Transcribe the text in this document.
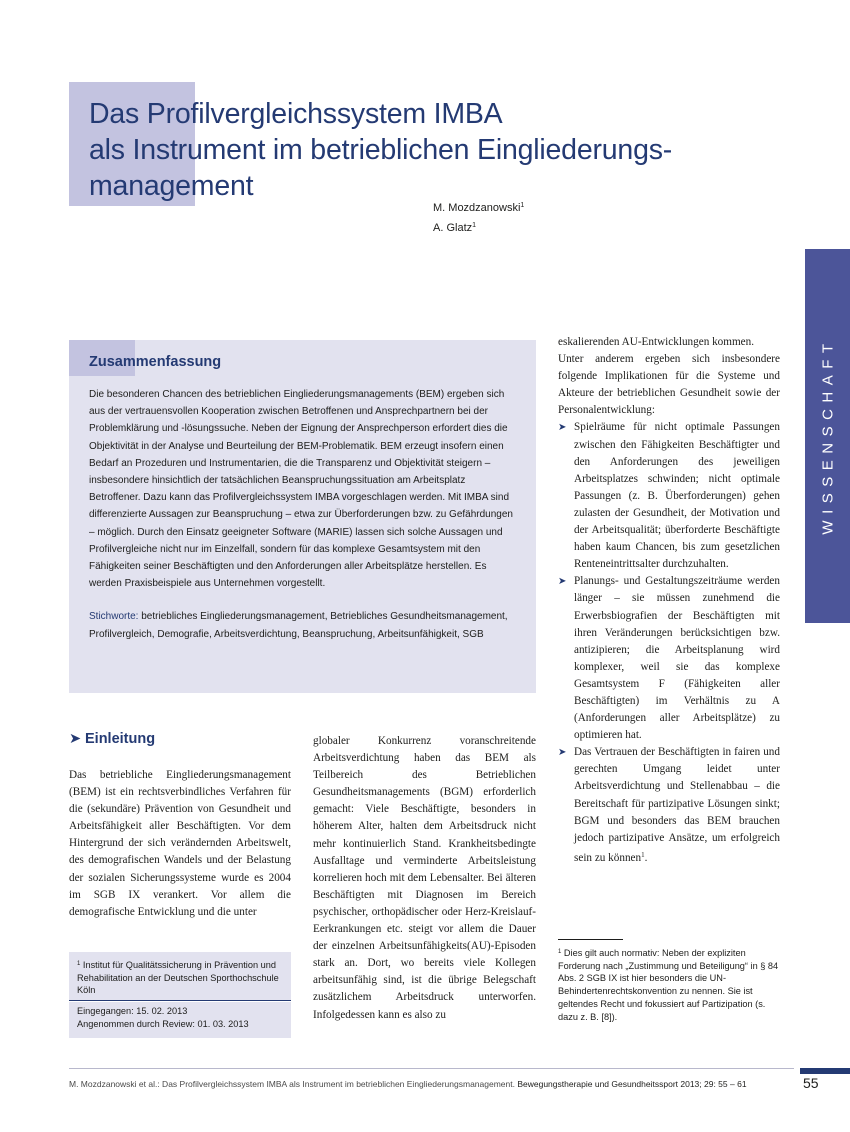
Das Profilvergleichssystem IMBA
als Instrument im betrieblichen Eingliederungs-
management
M. Mozdzanowski$^1$
A. Glatz$^1$
WISSENSCHAFT
Zusammenfassung

Die besonderen Chancen des betrieblichen Eingliederungsmanagements (BEM) ergeben sich aus der vertrauensvollen Kooperation zwischen Betroffenen und Ansprechpartnern bei der Problemklärung und -lösungssuche. Neben der Eignung der Ansprechperson erfordert dies die Objektivität in der Analyse und Beurteilung der BEM-Problematik. BEM erzeugt insofern einen Bedarf an Prozeduren und Instrumentarien, die die Transparenz und Objektivität steigern – insbesondere hinsichtlich der tatsächlichen Beanspruchungssituation am Arbeitsplatz Betroffener. Dazu kann das Profilvergleichssystem IMBA vorgeschlagen werden. Mit IMBA sind differenzierte Aussagen zur Beanspruchung – etwa zur Überforderungen bzw. zu Gefährdungen – möglich. Durch den Einsatz geeigneter Software (MARIE) lassen sich solche Aussagen und Profilvergleiche nicht nur im Einzelfall, sondern für das komplexe Gesamtsystem mit den Fähigkeiten seiner Beschäftigten und den Anforderungen aller Arbeitsplätze herstellen. Es werden Praxisbeispiele aus Unternehmen vorgestellt.

Stichworte: betriebliches Eingliederungsmanagement, Betriebliches Gesundheitsmanagement, Profilvergleich, Demografie, Arbeitsverdichtung, Beanspruchung, Arbeitsunfähigkeit, SGB

➤ Einleitung

Das betriebliche Eingliederungsmanagement (BEM) ist ein rechtsverbindliches Verfahren für die (sekundäre) Prävention von Gesundheit und Arbeitsfähigkeit aller Beschäftigten. Vor dem Hintergrund der sich verändernden Arbeitswelt, des demografischen Wandels und der Belastung der sozialen Sicherungssysteme wurde es 2004 im SGB IX verankert. Vor allem die demografische Entwicklung und die unter

globaler Konkurrenz voranschreitende Arbeitsverdichtung haben das BEM als Teilbereich des Betrieblichen Gesundheitsmanagements (BGM) erforderlich gemacht: Viele Beschäftigte, besonders in höherem Alter, halten dem Arbeitsdruck nicht mehr kontinuierlich Stand. Krankheitsbedingte Ausfalltage und verminderte Arbeitsleistung korrelieren hoch mit dem Lebensalter. Bei älteren Beschäftigten mit Diagnosen im Bereich psychischer, orthopädischer oder Herz-Kreislauf-Eerkrankungen etc. steigt vor allem die Dauer der einzelnen Arbeitsunfähigkeits(AU)-Episoden stark an. Dort, wo bereits viele Kollegen arbeitsunfähig sind, ist die übrige Belegschaft zusätzlichem Arbeitsdruck unterworfen. Infolgedessen kann es also zu

eskalierenden AU-Entwicklungen kommen.

Unter anderem ergeben sich insbesondere folgende Implikationen für die Systeme und Akteure der betrieblichen Gesundheit sowie der Personalentwicklung:

➤ Spielräume für nicht optimale Passungen zwischen den Fähigkeiten Beschäftigter und den Anforderungen des jeweiligen Arbeitsplatzes schwinden; nicht optimale Passungen (z. B. Überforderungen) gehen zulasten der Gesundheit, der Motivation und der Arbeitsqualität; überforderte Beschäftigte haben kaum Chancen, bis zum gesetzlichen Renteneintrittsalter durchzuhalten.
➤ Planungs- und Gestaltungszeiträume werden länger – sie müssen zunehmend die Erwerbsbiografien der Beschäftigten mit ihren Veränderungen berücksichtigen bzw. antizipieren; die Arbeitsplanung wird komplexer, weil sie das komplexe Gesamtsystem F (Fähigkeiten aller Beschäftigten) im Verhältnis zu A (Anforderungen aller Arbeitsplätze) zu optimieren hat.
➤ Das Vertrauen der Beschäftigten in fairen und gerechten Umgang leidet unter Arbeitsverdichtung und Stellenabbau – die Bereitschaft für partizipative Lösungen sinkt; BGM und besonders das BEM brauchen jedoch partizipative Ansätze, um erfolgreich sein zu können$^1$.
$^1$ Institut für Qualitätssicherung in Prävention und Rehabilitation an der Deutschen Sporthochschule Köln
Eingegangen: 15. 02. 2013
Angenommen durch Review: 01. 03. 2013
$^1$ Dies gilt auch normativ: Neben der expliziten Forderung nach „Zustimmung und Beteiligung“ in § 84 Abs. 2 SGB IX ist hier besonders die UN-Behindertenrechtskonvention zu nennen. Sie ist geltendes Recht und fokussiert auf Partizipation (s. dazu z. B. [8]).
M. Mozdzanowski et al.: Das Profilvergleichssystem IMBA als Instrument im betrieblichen Eingliederungsmanagement. Bewegungstherapie und Gesundheitssport 2013; 29: 55 – 61	55
